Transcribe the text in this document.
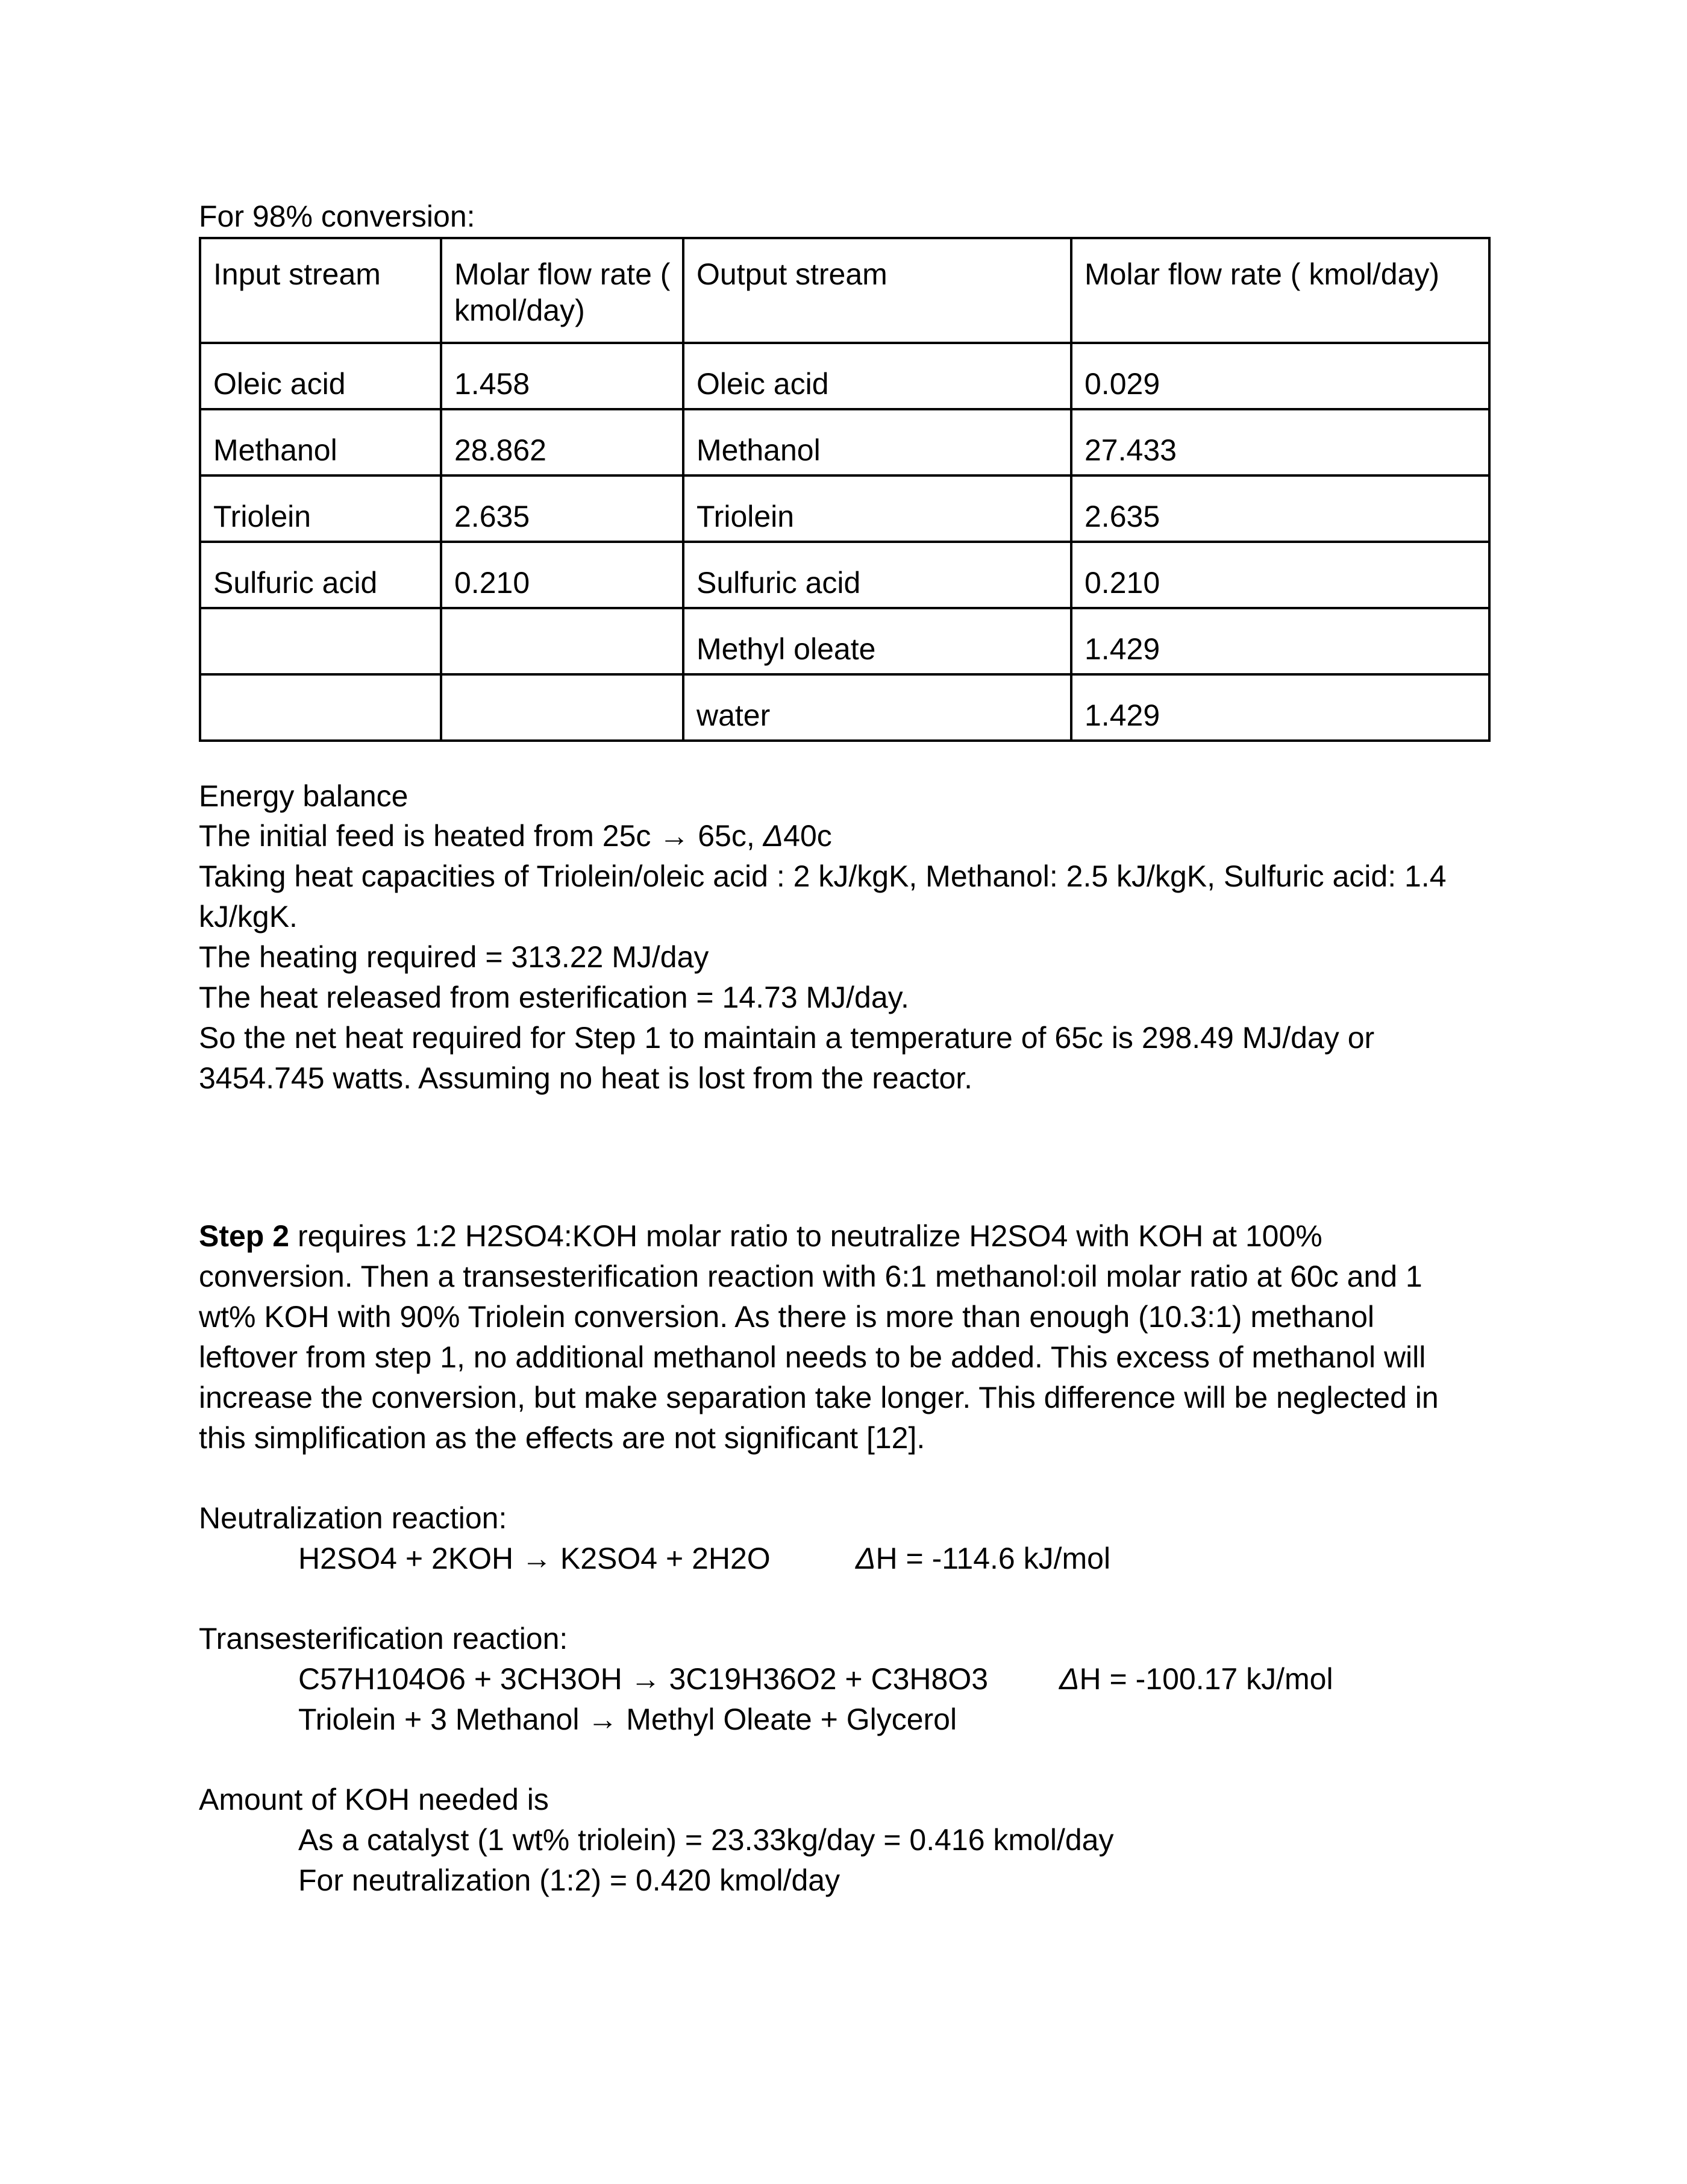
For 98% conversion:
Input stream	Molar flow rate ( kmol/day)	Output stream	Molar flow rate ( kmol/day)
Oleic acid	1.458	Oleic acid	0.029
Methanol	28.862	Methanol	27.433
Triolein	2.635	Triolein	2.635
Sulfuric acid	0.210	Sulfuric acid	0.210
		Methyl oleate	1.429
		water	1.429
Energy balance
The initial feed is heated from 25c → 65c, Δ40c
Taking heat capacities of Triolein/oleic acid : 2 kJ/kgK, Methanol: 2.5 kJ/kgK, Sulfuric acid: 1.4
kJ/kgK.
The heating required = 313.22 MJ/day
The heat released from esterification = 14.73 MJ/day.
So the net heat required for Step 1 to maintain a temperature of 65c is 298.49 MJ/day or
3454.745 watts. Assuming no heat is lost from the reactor.
Step 2 requires 1:2 H2SO4:KOH molar ratio to neutralize H2SO4 with KOH at 100%
conversion. Then a transesterification reaction with 6:1 methanol:oil molar ratio at 60c and 1
wt% KOH with 90% Triolein conversion. As there is more than enough (10.3:1) methanol
leftover from step 1, no additional methanol needs to be added. This excess of methanol will
increase the conversion, but make separation take longer. This difference will be neglected in
this simplification as the effects are not significant [12].
Neutralization reaction:
H2SO4 + 2KOH → K2SO4 + 2H2O	ΔH = -114.6 kJ/mol
Transesterification reaction:
C57H104O6 + 3CH3OH → 3C19H36O2 + C3H8O3 ΔH = -100.17 kJ/mol
Triolein + 3 Methanol → Methyl Oleate + Glycerol
Amount of KOH needed is
As a catalyst (1 wt% triolein) = 23.33kg/day = 0.416 kmol/day
For neutralization (1:2) = 0.420 kmol/day
